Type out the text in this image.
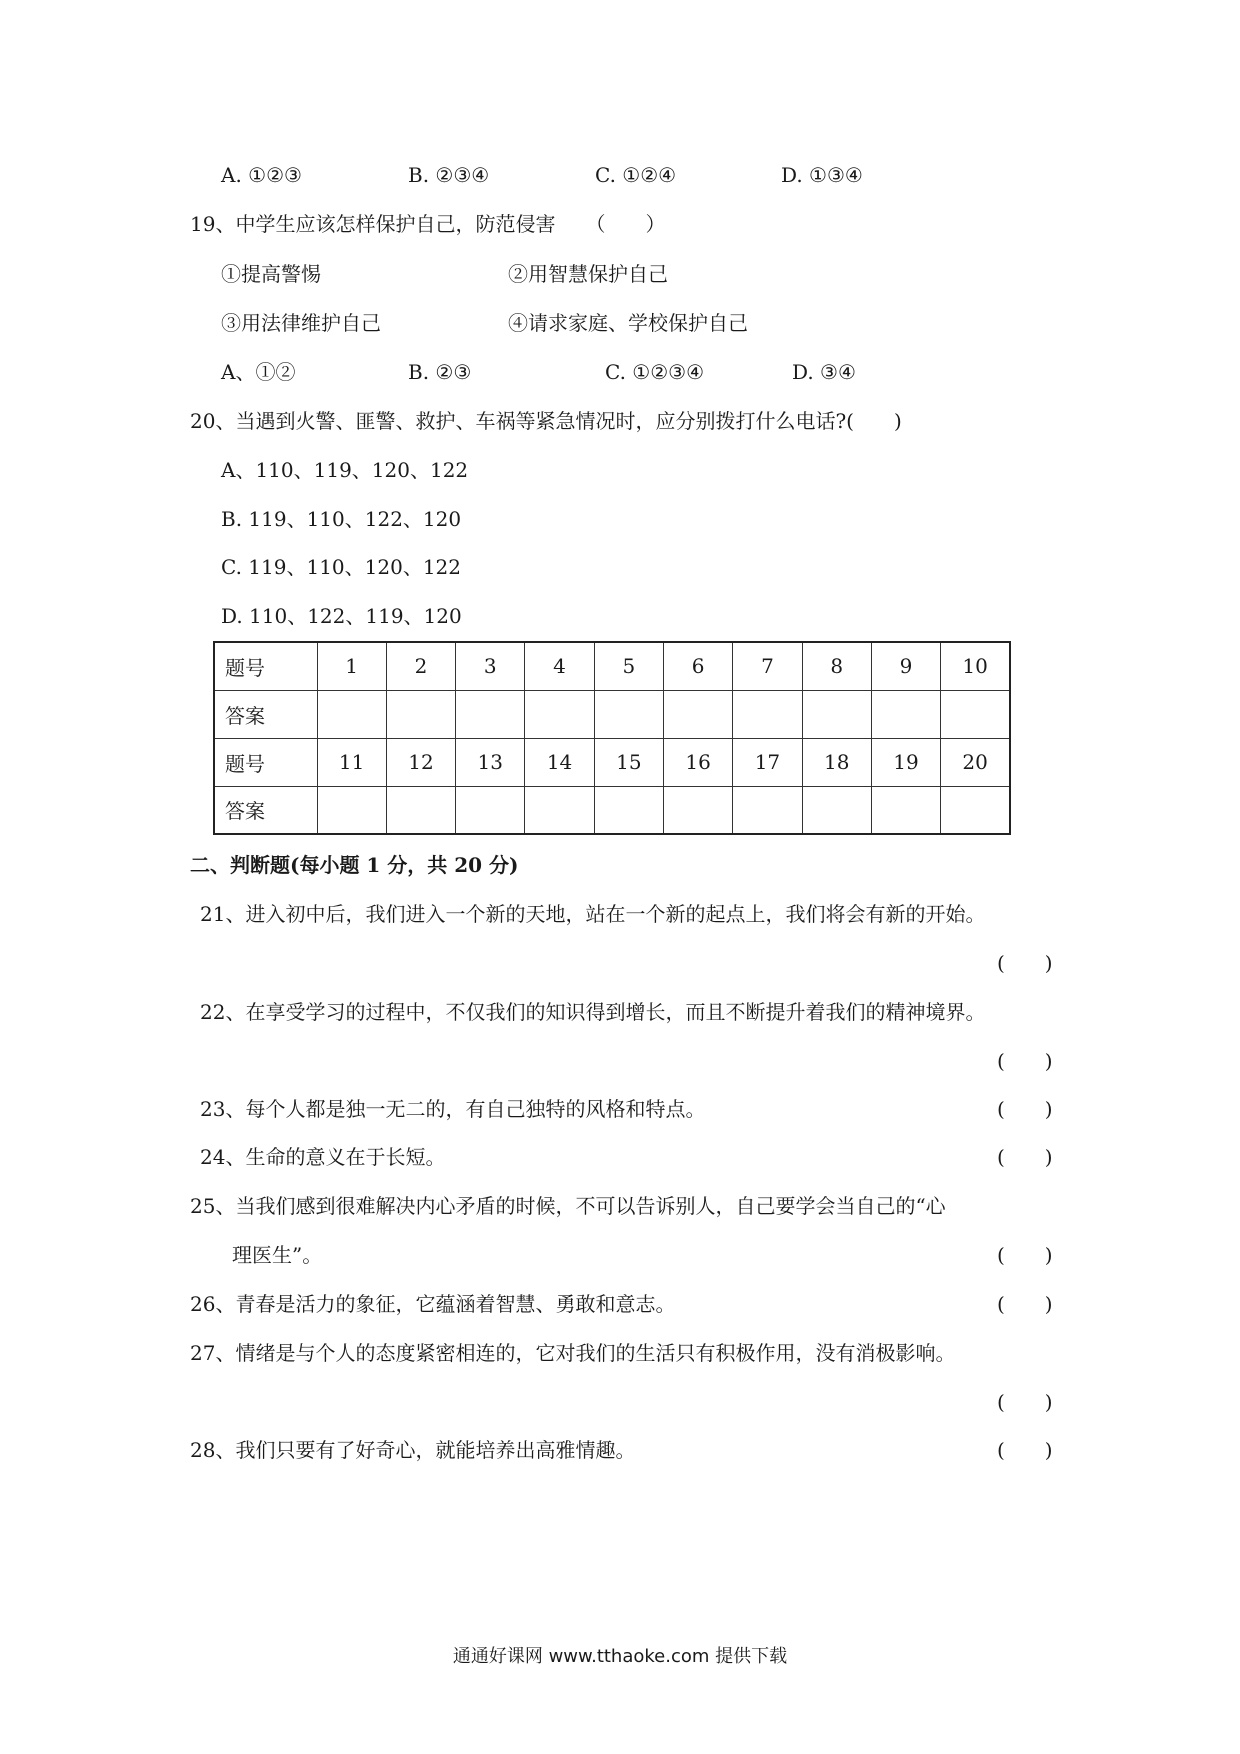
A. ①②③	B. ②③④	C. ①②④	D. ①③④
19、中学生应该怎样保护自己，防范侵害　　（　　）
①提高警惕	②用智慧保护自己
③用法律维护自己	④请求家庭、学校保护自己
A、①②	B. ②③	C. ①②③④	D. ③④
20、当遇到火警、匪警、救护、车祸等紧急情况时，应分别拨打什么电话?(　　)
A、110、119、120、122
B. 119、110、122、120
C. 119、110、120、122
D. 110、122、119、120
题号	1	2	3	4	5	6	7	8	9	10
答案										
题号	11	12	13	14	15	16	17	18	19	20
答案										
二、判断题(每小题 1 分，共 20 分)
21、进入初中后，我们进入一个新的天地，站在一个新的起点上，我们将会有新的开始。
(　　)
22、在享受学习的过程中，不仅我们的知识得到增长，而且不断提升着我们的精神境界。
(　　)
23、每个人都是独一无二的，有自己独特的风格和特点。	(　　)
24、生命的意义在于长短。	(　　)
25、当我们感到很难解决内心矛盾的时候，不可以告诉别人，自己要学会当自己的“心
理医生”。	(　　)
26、青春是活力的象征，它蕴涵着智慧、勇敢和意志。	(　　)
27、情绪是与个人的态度紧密相连的，它对我们的生活只有积极作用，没有消极影响。
(　　)
28、我们只要有了好奇心，就能培养出高雅情趣。	(　　)
通通好课网 www.tthaoke.com 提供下载
